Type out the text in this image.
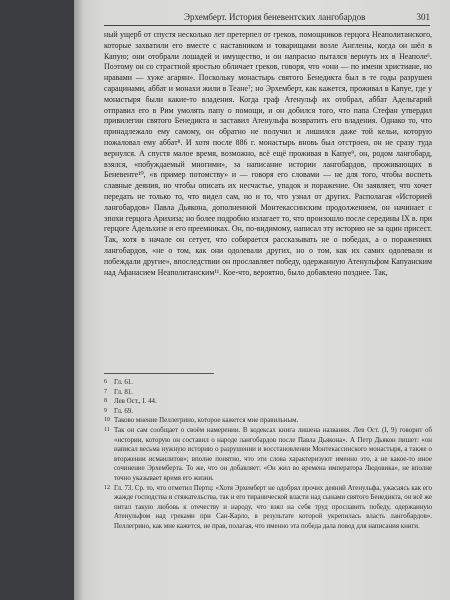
Эрхемберт. История беневентских лангобардов	301

ный ущерб от спустя несколько лет претерпел от греков, помощников герцога Неаполитанского, которые захватили его вместе с наставником и товарищами возле Англены, когда он шёл в Капую; они отобрали лошадей и имущество, и он напрасно пытался вернуть их в Неаполе⁶. Поэтому он со страстной яростью обличает греков, говоря, что «они — по имени христиане, но нравами — хуже агарян». Поскольку монастырь святого Бенедикта был в те годы разрушен сарацинами, аббат и монахи жили в Теане⁷; но Эрхемберт, как кажется, проживал в Капуе, где у монастыря были какие-то владения. Когда граф Атенульф их отобрал, аббат Адельгарий отправил его в Рим умолять папу о помощи, и он добился того, что папа Стефан утвердил привилегии святого Бенедикта и заставил Атенульфа возвратить его владения. Однако то, что принадлежало ему самому, он обратно не получил и лишился даже той кельи, которую пожаловал ему аббат⁸. И хотя после 886 г. монастырь вновь был отстроен, он не сразу туда вернулся. А спустя малое время, возможно, всё ещё проживая в Капуе⁹, он, родом лангобард, взялся, «побуждаемый многими», за написание истории лангобардов, проживающих в Беневенте¹⁰, «в пример потомству» и — говоря его словами — не для того, чтобы воспеть славные деяния, но чтобы описать их несчастье, упадок и поражение. Он заявляет, что хочет передать не только то, что видел сам, но и то, что узнал от других. Располагая «Историей лангобардов» Павла Дьякона, дополненной Монтекассинским продолжением, он начинает с эпохи герцога Арихиза; но более подробно излагает то, что произошло после середины IX в. при герцоге Адельхизе и его преемниках. Он, по-видимому, написал эту историю не за один присест. Так, хотя в начале он сетует, что собирается рассказывать не о победах, а о поражениях лангобардов, «не о том, как они одолевали других, но о том, как их самих одолевали и побеждали другие», впоследствии он прославляет победу, одержанную Атенульфом Капуанским над Афанасием Неаполитанским¹¹. Кое-что, вероятно, было добавлено позднее. Так,

6 Гл. 61.

7 Гл. 81.

8 Лев Ост., I. 44.

9 Гл. 69.

10 Таково мнение Пеллегрино, которое кажется мне правильным.

11 Так он сам сообщает о своём намерении. В кодексах книга лишена названия. Лев Ост. (I, 9) говорит об «истории, которую он составил о народе лангобардов после Павла Дьякона». А Петр Дьякон пишет: «он написал весьма нужную историю о разрушении и восстановлении Монтекассинского монастыря, а также о вторжении исмаилитов»; вполне понятно, что эти слова характеризуют именно это, а не какое-то иное сочинение Эрхемберта. То же, что он добавляет: «Он жил во времена императора Людовика», не вполне точно указывает время его жизни.

12 Гл. 73. Ср. то, что отметил Пертц: «Хотя Эрхемберт не одобрял прочих деяний Атенульфа, ужасаясь как его жажде господства и стяжательства, так и его тиранической власти над сынами святого Бенедикта, он всё же питал такую любовь к отечеству и народу, что взял на себя труд прославить победу, одержанную Атенульфом над греками при Сан-Карло, в результате которой укрепилась власть лангобардов». Пеллегрино, как мне кажется, не прав, полагая, что именно эта победа дала повод для написания книги.
